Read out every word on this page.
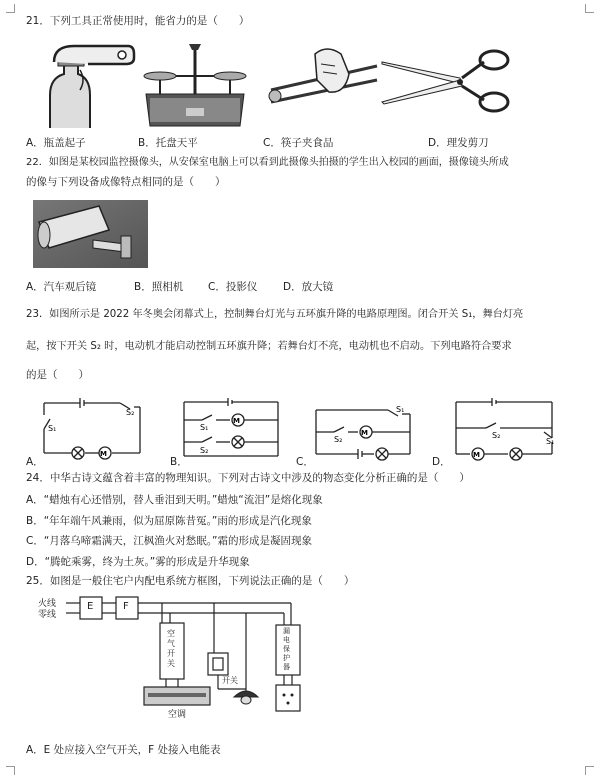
21．下列工具正常使用时，能省力的是（　　）
A．瓶盖起子	B．托盘天平	C．筷子夹食品	D．理发剪刀
22．如图是某校园监控摄像头，从安保室电脑上可以看到此摄像头拍摄的学生出入校园的画面，摄像镜头所成
的像与下列设备成像特点相同的是（　　）
A．汽车观后镜	B．照相机 C．投影仪 D．放大镜
23．如图所示是 2022 年冬奥会闭幕式上，控制舞台灯光与五环旗升降的电路原理图。闭合开关 S₁，舞台灯亮
起，按下开关 S₂ 时，电动机才能启动控制五环旗升降；若舞台灯不亮，电动机也不启动。下列电路符合要求
的是（　　）
M
S₂
S₁
A．
M
S₁
S₂
B．
M
S₁
S₂
C．
M
S₂
S₁
D．
24．中华古诗文蕴含着丰富的物理知识。下列对古诗文中涉及的物态变化分析正确的是（　　）
A．“蜡烛有心还惜别，替人垂泪到天明。”蜡烛“流泪”是熔化现象
B．“年年端午风兼雨，似为屈原陈昔冤。”雨的形成是汽化现象
C．“月落乌啼霜满天，江枫渔火对愁眠。”霜的形成是凝固现象
D．“腾蛇乘雾，终为土灰。”雾的形成是升华现象
25．如图是一般住宅户内配电系统方框图，下列说法正确的是（　　）
火线
零线
E	F
空气开关
开关
漏电保护器
空调
A．E 处应接入空气开关，F 处接入电能表
